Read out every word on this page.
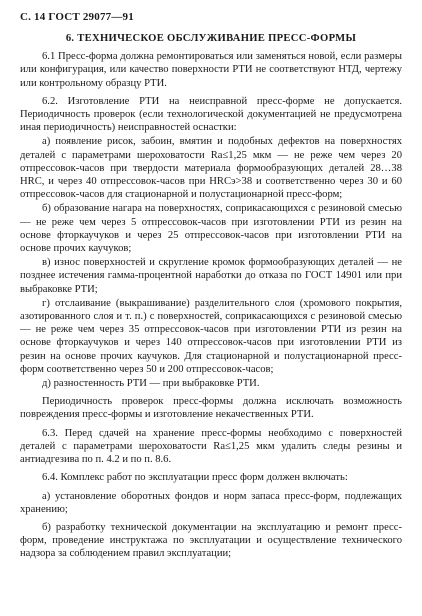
С. 14 ГОСТ 29077—91
6. ТЕХНИЧЕСКОЕ ОБСЛУЖИВАНИЕ ПРЕСС-ФОРМЫ

6.1 Пресс-форма должна ремонтироваться или заменяться новой, если размеры или конфигурация, или качество поверхности РТИ не соответствуют НТД, чертежу или контрольному образцу РТИ.

6.2. Изготовление РТИ на неисправной пресс-форме не допускается. Периодичность проверок (если технологической документацией не предусмотрена иная периодичность) неисправностей оснастки:

а) появление рисок, забоин, вмятин и подобных дефектов на поверхностях деталей с параметрами шероховатости Ra≤1,25 мкм — не реже чем через 20 отпрессовок-часов при твердости материала формообразующих деталей 28…38 HRC, и через 40 отпрессовок-часов при HRCэ>38 и соответственно через 30 и 60 отпрессовок-часов для стационарной и полустационарной пресс-форм;

б) образование нагара на поверхностях, соприкасающихся с резиновой смесью — не реже чем через 5 отпрессовок-часов при изготовлении РТИ из резин на основе фторкаучуков и через 25 отпрессовок-часов при изготовлении РТИ на основе прочих каучуков;

в) износ поверхностей и скругление кромок формообразующих деталей — не позднее истечения гамма-процентной наработки до отказа по ГОСТ 14901 или при выбраковке РТИ;

г) отслаивание (выкрашивание) разделительного слоя (хромового покрытия, азотированного слоя и т. п.) с поверхностей, соприкасающихся с резиновой смесью — не реже чем через 35 отпрессовок-часов при изготовлении РТИ из резин на основе фторкаучуков и через 140 отпрессовок-часов при изготовлении РТИ из резин на основе прочих каучуков. Для стационарной и полустационарной пресс-форм соответственно через 50 и 200 отпрессовок-часов;

д) разностенность РТИ — при выбраковке РТИ.

Периодичность проверок пресс-формы должна исключать возможность повреждения пресс-формы и изготовление некачественных РТИ.

6.3. Перед сдачей на хранение пресс-формы необходимо с поверхностей деталей с параметрами шероховатости Ra≤1,25 мкм удалить следы резины и антиадгезива по п. 4.2 и по п. 8.6.

6.4. Комплекс работ по эксплуатации пресс форм должен включать:

а) установление оборотных фондов и норм запаса пресс-форм, подлежащих хранению;

б) разработку технической документации на эксплуатацию и ремонт пресс-форм, проведение инструктажа по эксплуатации и осуществление технического надзора за соблюдением правил эксплуатации;
